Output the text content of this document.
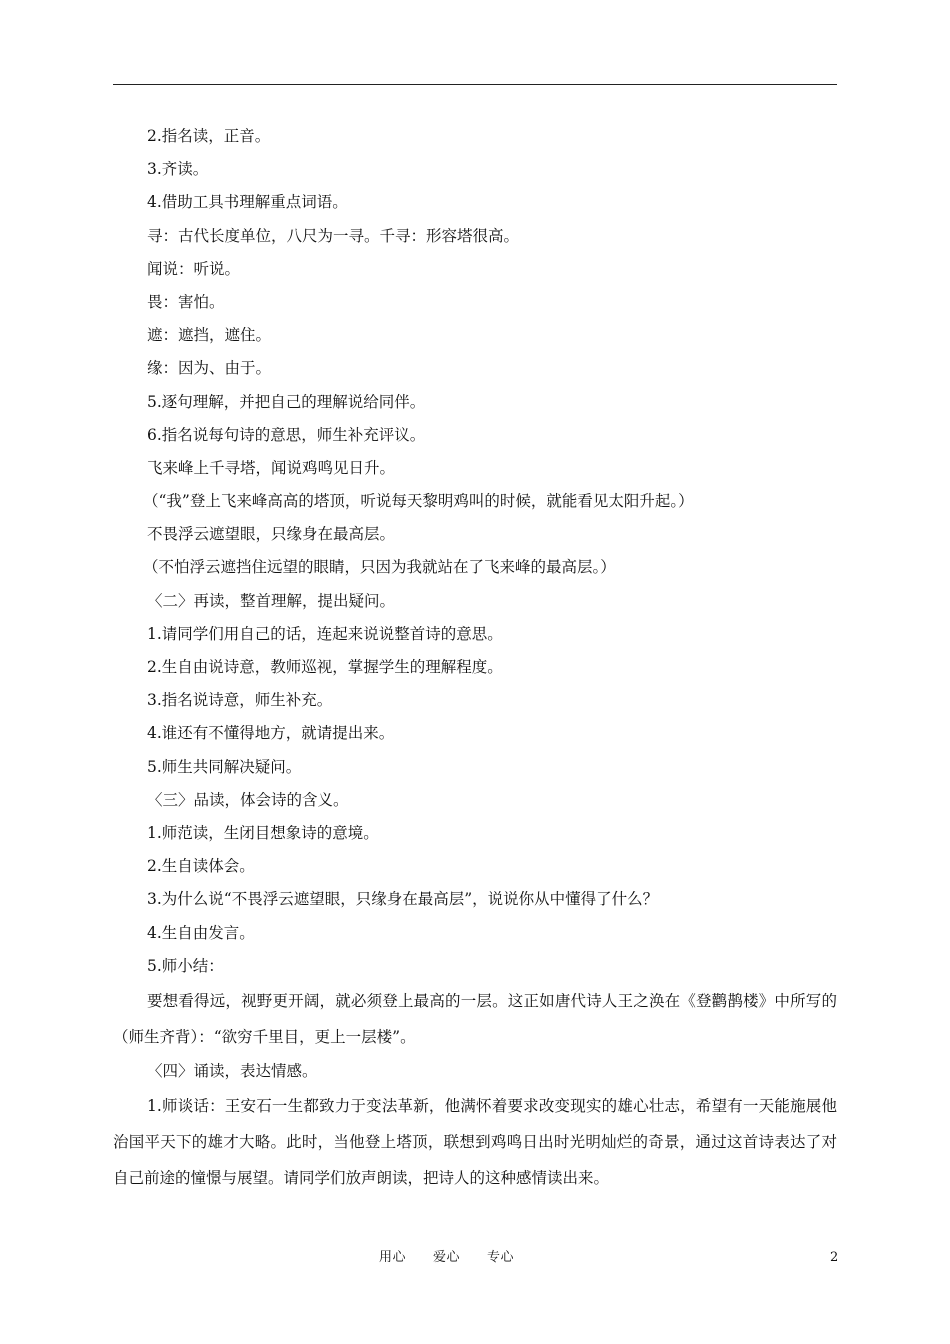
2.指名读，正音。
3.齐读。
4.借助工具书理解重点词语。
寻：古代长度单位，八尺为一寻。千寻：形容塔很高。
闻说：听说。
畏：害怕。
遮：遮挡，遮住。
缘：因为、由于。
5.逐句理解，并把自己的理解说给同伴。
6.指名说每句诗的意思，师生补充评议。
飞来峰上千寻塔，闻说鸡鸣见日升。
（“我”登上飞来峰高高的塔顶，听说每天黎明鸡叫的时候，就能看见太阳升起。）
不畏浮云遮望眼，只缘身在最高层。
（不怕浮云遮挡住远望的眼睛，只因为我就站在了飞来峰的最高层。）
〈二〉再读，整首理解，提出疑问。
1.请同学们用自己的话，连起来说说整首诗的意思。
2.生自由说诗意，教师巡视，掌握学生的理解程度。
3.指名说诗意，师生补充。
4.谁还有不懂得地方，就请提出来。
5.师生共同解决疑问。
〈三〉品读，体会诗的含义。
1.师范读，生闭目想象诗的意境。
2.生自读体会。
3.为什么说“不畏浮云遮望眼，只缘身在最高层”，说说你从中懂得了什么？
4.生自由发言。
5.师小结：

要想看得远，视野更开阔，就必须登上最高的一层。这正如唐代诗人王之涣在《登鹳鹊楼》中所写的（师生齐背）：“欲穷千里目，更上一层楼”。

〈四〉诵读，表达情感。

1.师谈话：王安石一生都致力于变法革新，他满怀着要求改变现实的雄心壮志，希望有一天能施展他治国平天下的雄才大略。此时，当他登上塔顶，联想到鸡鸣日出时光明灿烂的奇景，通过这首诗表达了对自己前途的憧憬与展望。请同学们放声朗读，把诗人的这种感情读出来。

用心　　爱心　　专心	2
